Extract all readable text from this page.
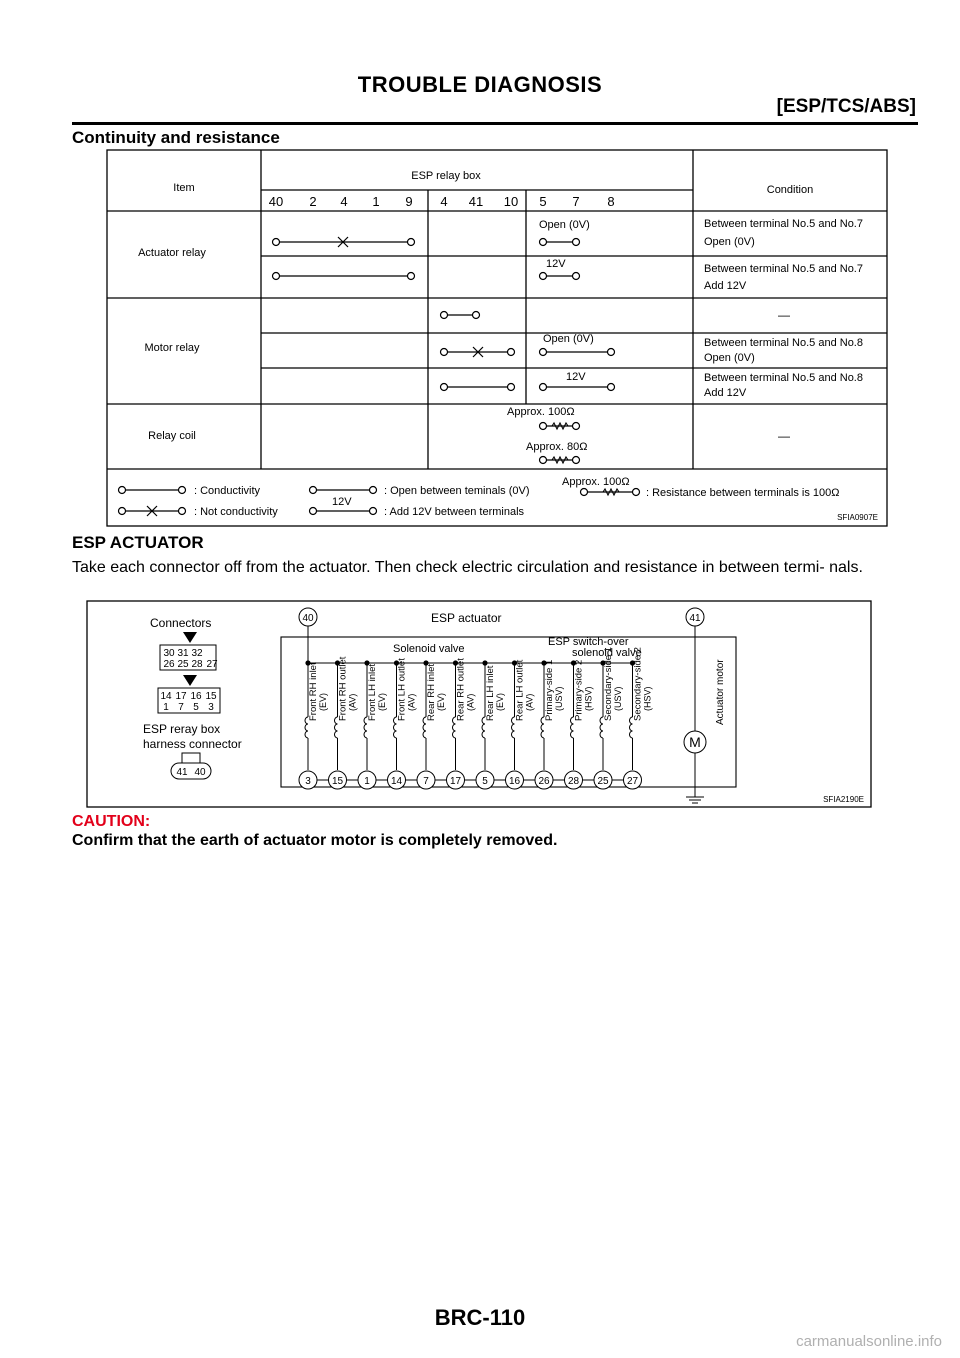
TROUBLE DIAGNOSIS
[ESP/TCS/ABS]
Continuity and resistance
Item
ESP relay box
Condition
40 2 4 1 9 4 41 10 5 7 8
Actuator relay
Motor relay
Relay coil
Open (0V)
12V
Open (0V)
12V
Approx. 100Ω
Approx. 80Ω
Between terminal No.5 and No.7
Open (0V)
Between terminal No.5 and No.7
Add 12V
Between terminal No.5 and No.8
Open (0V)
Between terminal No.5 and No.8
Add 12V
—
—
: Conductivity
: Not conductivity
: Open between teminals (0V)
12V
: Add 12V between terminals
Approx. 100Ω
: Resistance between terminals is 100Ω
SFIA0907E
ESP ACTUATOR
Take each connector off from the actuator. Then check electric circulation and resistance in between termi- nals.
Connectors
30 31 32
26 25 28 27
14 17 16 15
1 7 5 3
ESP reray box
harness connector
41 40
ESP actuator
40	41
Solenoid valve
ESP switch-over
solenoid valve
3
Front RH inlet (EV)
15
Front RH outlet (AV)
1
Front LH inlet (EV)
14
Front LH outlet (AV)
7
Rear RH inlet (EV)
17
Rear RH outlet (AV)
5
Rear LH inlet (EV)
16
Rear LH outlet (AV)
26
Primary-side 1 (USV)
28
Primary-side 2 (HSV)
25
Secondary-side 1 (USV)
27
Secondary-side 2 (HSV)
M
Actuator motor
SFIA2190E
CAUTION:
Confirm that the earth of actuator motor is completely removed.
BRC-110
carmanualsonline.info
